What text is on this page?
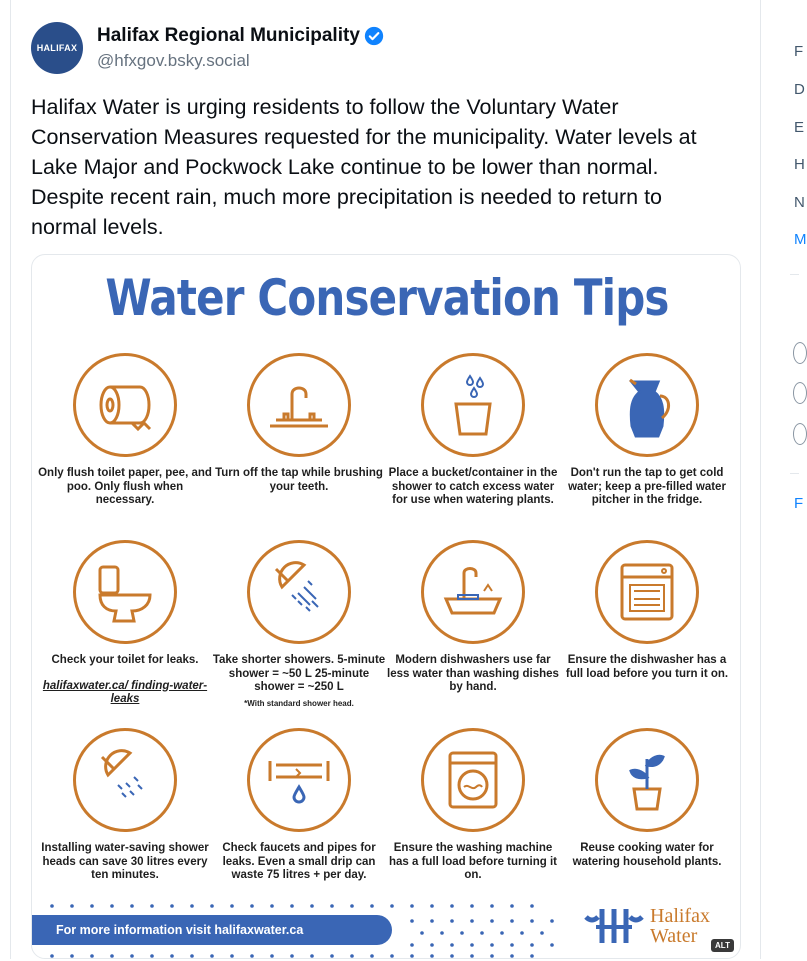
HALIFAX
Halifax Regional Municipality
@hfxgov.bsky.social
Halifax Water is urging residents to follow the Voluntary Water Conservation Measures requested for the municipality. Water levels at Lake Major and Pockwock Lake continue to be lower than normal. Despite recent rain, much more precipitation is needed to return to normal levels.
Water Conservation Tips
Only flush toilet paper, pee, and poo. Only flush when necessary.
Turn off the tap while brushing your teeth.
Place a bucket/container in the shower to catch excess water for use when watering plants.
Don't run the tap to get cold water; keep a pre-filled water pitcher in the fridge.
Check your toilet for leaks.
halifaxwater.ca/ finding-water-leaks
Take shorter showers. 5-minute shower = ~50 L 25-minute shower = ~250 L
*With standard shower head.
Modern dishwashers use far less water than washing dishes by hand.
Ensure the dishwasher has a full load before you turn it on.
Installing water-saving shower heads can save 30 litres every ten minutes.
Check faucets and pipes for leaks. Even a small drip can waste 75 litres + per day.
Ensure the washing machine has a full load before turning it on.
Reuse cooking water for watering household plants.
For more information visit halifaxwater.ca
Halifax
Water	ALT
F
D
E
H
N
M
F
